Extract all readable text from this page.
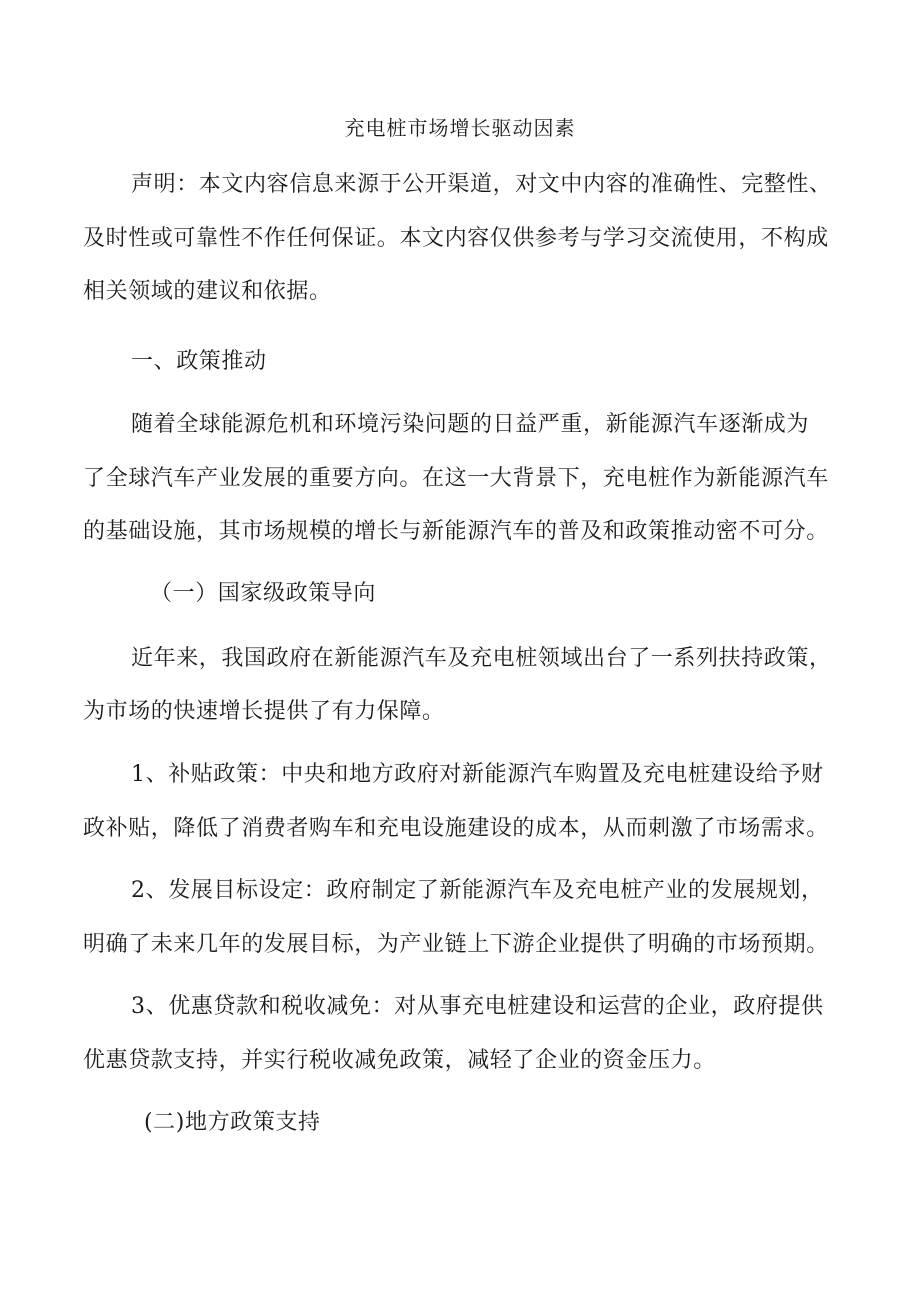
充电桩市场增长驱动因素
声明：本文内容信息来源于公开渠道，对文中内容的准确性、完整性、
及时性或可靠性不作任何保证。本文内容仅供参考与学习交流使用，不构成
相关领域的建议和依据。
一、政策推动
随着全球能源危机和环境污染问题的日益严重，新能源汽车逐渐成为
了全球汽车产业发展的重要方向。在这一大背景下，充电桩作为新能源汽车
的基础设施，其市场规模的增长与新能源汽车的普及和政策推动密不可分。
（一）国家级政策导向
近年来，我国政府在新能源汽车及充电桩领域出台了一系列扶持政策，
为市场的快速增长提供了有力保障。
1、补贴政策：中央和地方政府对新能源汽车购置及充电桩建设给予财
政补贴，降低了消费者购车和充电设施建设的成本，从而刺激了市场需求。
2、发展目标设定：政府制定了新能源汽车及充电桩产业的发展规划，
明确了未来几年的发展目标，为产业链上下游企业提供了明确的市场预期。
3、优惠贷款和税收减免：对从事充电桩建设和运营的企业，政府提供
优惠贷款支持，并实行税收减免政策，减轻了企业的资金压力。
(二)地方政策支持
